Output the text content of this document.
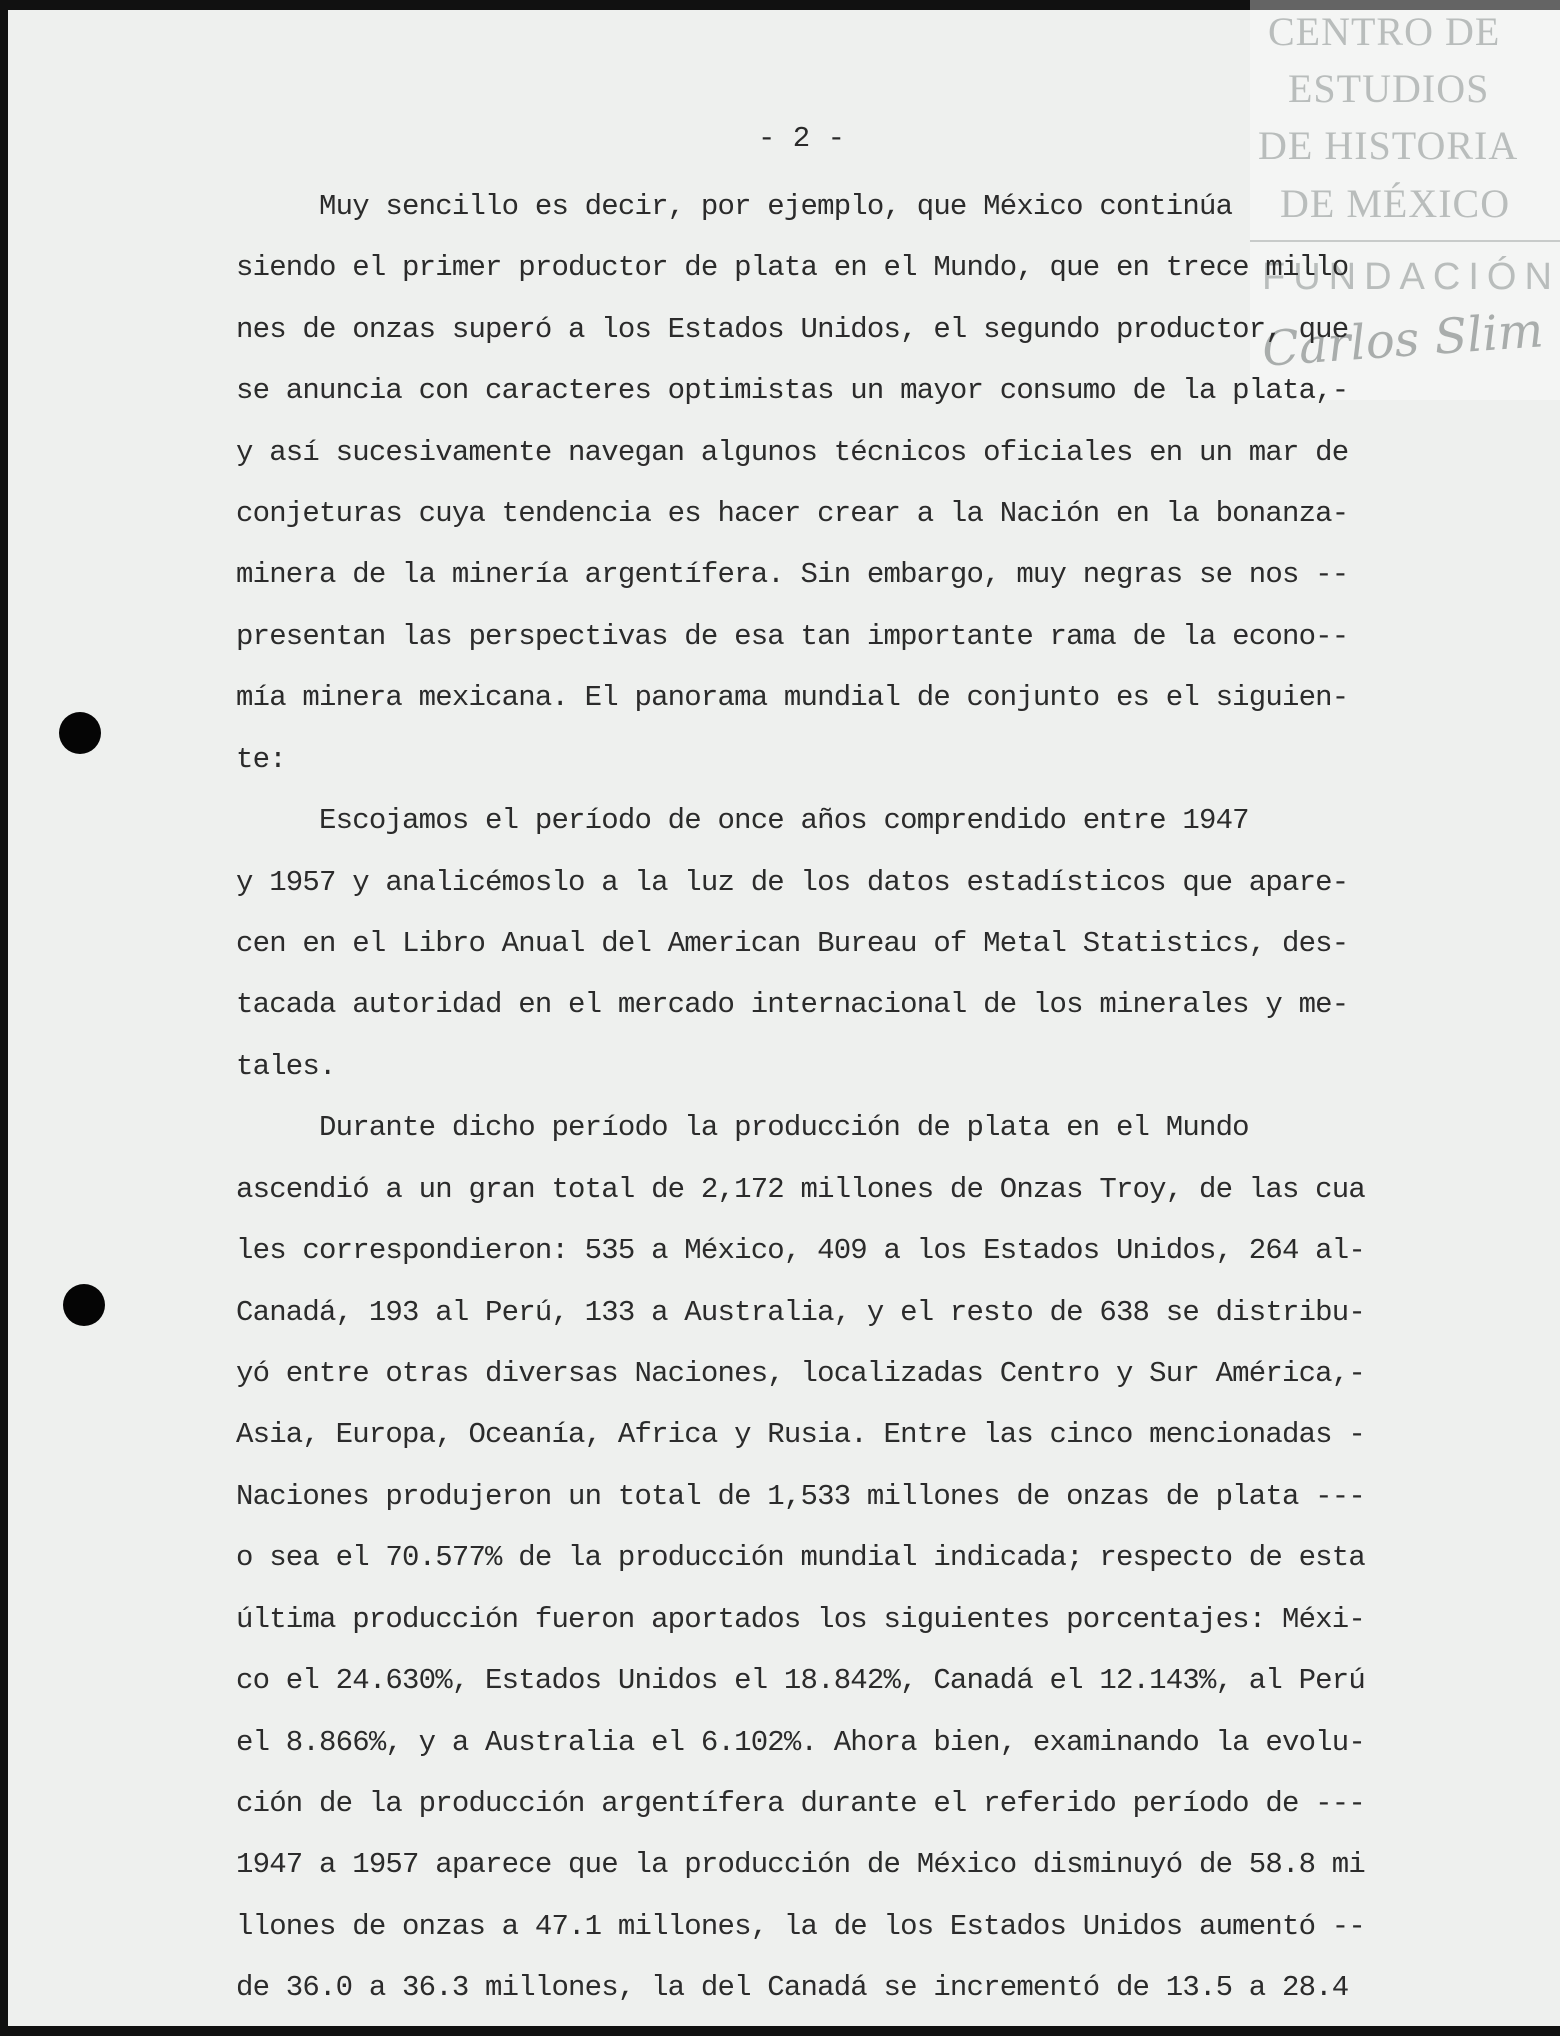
CENTRO DE
ESTUDIOS
DE HISTORIA
DE MÉXICO
FUNDACIÓN
Carlos Slim
- 2 -
Muy sencillo es decir, por ejemplo, que México continúa
siendo el primer productor de plata en el Mundo, que en trece millo
nes de onzas superó a los Estados Unidos, el segundo productor, que
se anuncia con caracteres optimistas un mayor consumo de la plata,-
y así sucesivamente navegan algunos técnicos oficiales en un mar de
conjeturas cuya tendencia es hacer crear a la Nación en la bonanza-
minera de la minería argentífera. Sin embargo, muy negras se nos --
presentan las perspectivas de esa tan importante rama de la econo--
mía minera mexicana. El panorama mundial de conjunto es el siguien-
te:
Escojamos el período de once años comprendido entre 1947
y 1957 y analicémoslo a la luz de los datos estadísticos que apare-
cen en el Libro Anual del American Bureau of Metal Statistics, des-
tacada autoridad en el mercado internacional de los minerales y me-
tales.
Durante dicho período la producción de plata en el Mundo
ascendió a un gran total de 2,172 millones de Onzas Troy, de las cua
les correspondieron: 535 a México, 409 a los Estados Unidos, 264 al-
Canadá, 193 al Perú, 133 a Australia, y el resto de 638 se distribu-
yó entre otras diversas Naciones, localizadas Centro y Sur América,-
Asia, Europa, Oceanía, Africa y Rusia. Entre las cinco mencionadas -
Naciones produjeron un total de 1,533 millones de onzas de plata ---
o sea el 70.577% de la producción mundial indicada; respecto de esta
última producción fueron aportados los siguientes porcentajes: Méxi-
co el 24.630%, Estados Unidos el 18.842%, Canadá el 12.143%, al Perú
el 8.866%, y a Australia el 6.102%. Ahora bien, examinando la evolu-
ción de la producción argentífera durante el referido período de ---
1947 a 1957 aparece que la producción de México disminuyó de 58.8 mi
llones de onzas a 47.1 millones, la de los Estados Unidos aumentó --
de 36.0 a 36.3 millones, la del Canadá se incrementó de 13.5 a 28.4
